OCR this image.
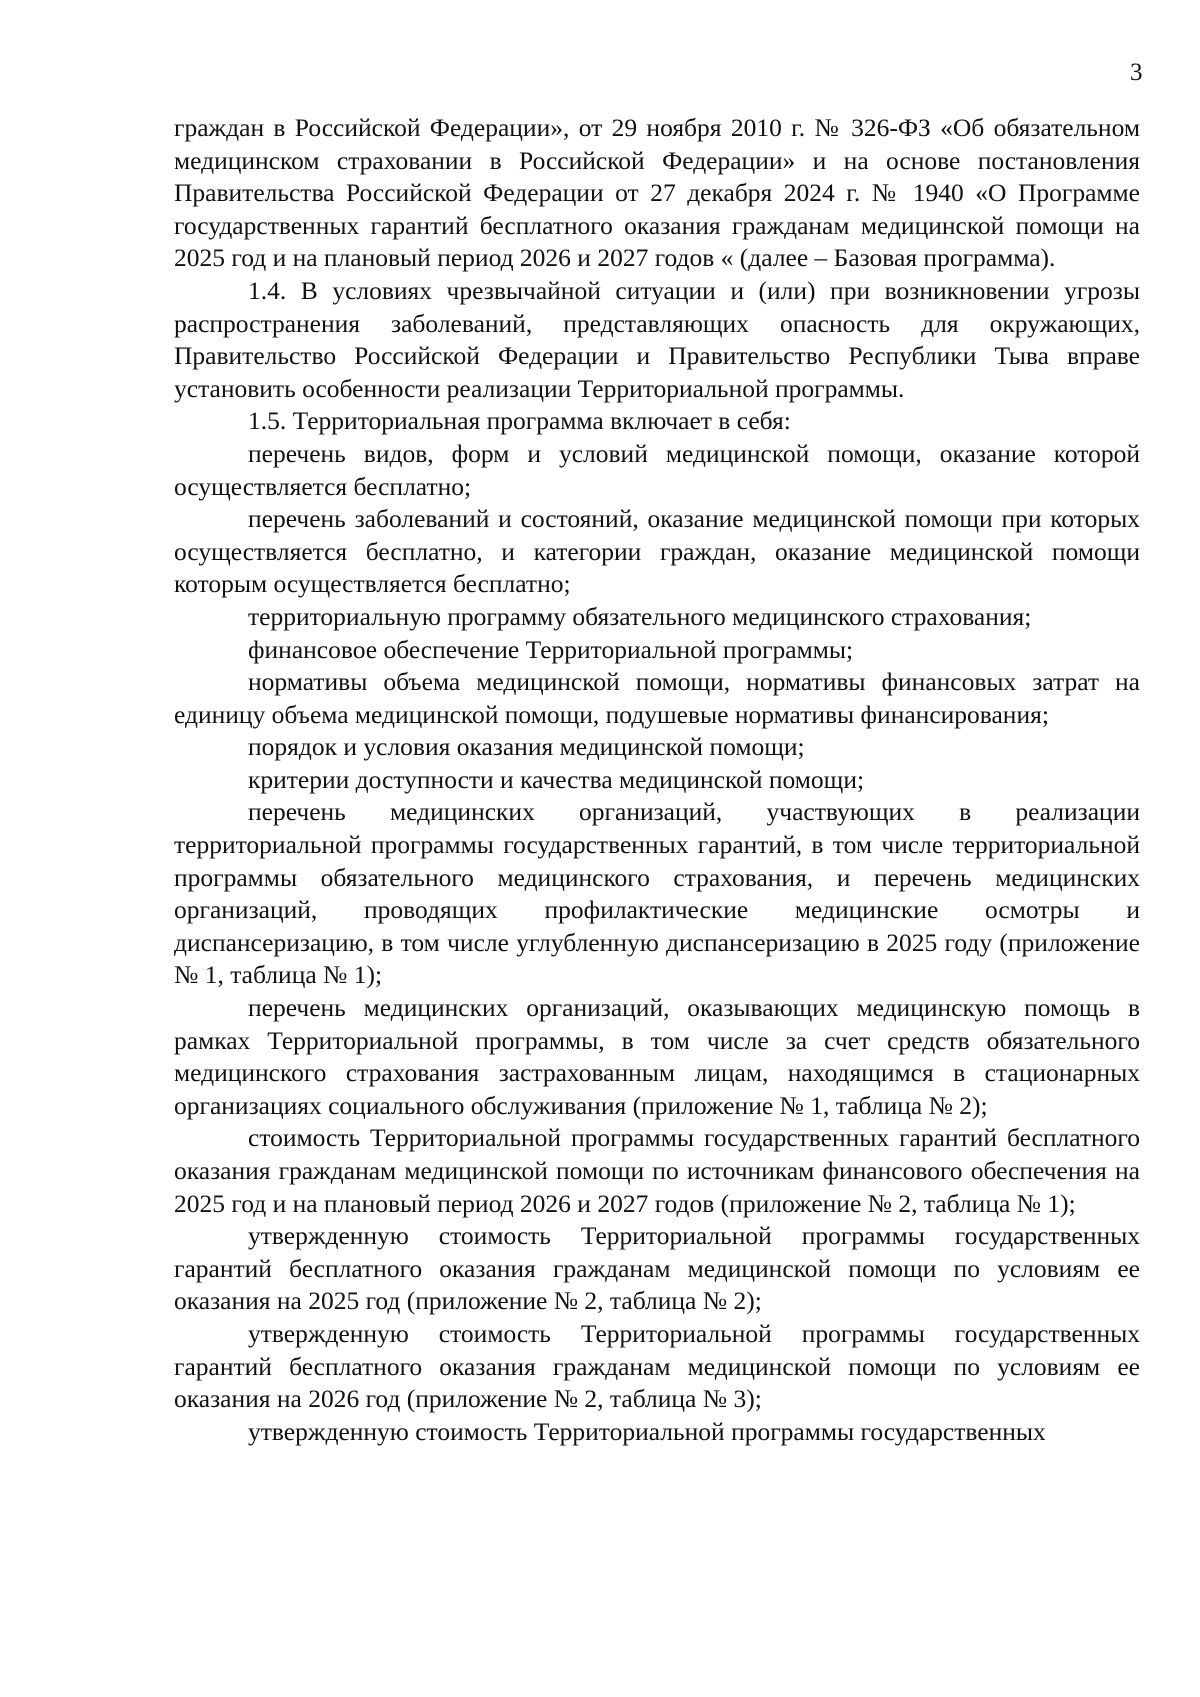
3

граждан в Российской Федерации», от 29 ноября 2010 г. № 326-ФЗ «Об обязательном медицинском страховании в Российской Федерации» и на основе постановления Правительства Российской Федерации от 27 декабря 2024 г. № 1940 «О Программе государственных гарантий бесплатного оказания гражданам медицинской помощи на 2025 год и на плановый период 2026 и 2027 годов « (далее – Базовая программа).

1.4. В условиях чрезвычайной ситуации и (или) при возникновении угрозы распространения заболеваний, представляющих опасность для окружающих, Правительство Российской Федерации и Правительство Республики Тыва вправе установить особенности реализации Территориальной программы.

1.5. Территориальная программа включает в себя:

перечень видов, форм и условий медицинской помощи, оказание которой осуществляется бесплатно;

перечень заболеваний и состояний, оказание медицинской помощи при которых осуществляется бесплатно, и категории граждан, оказание медицинской помощи которым осуществляется бесплатно;

территориальную программу обязательного медицинского страхования;

финансовое обеспечение Территориальной программы;

нормативы объема медицинской помощи, нормативы финансовых затрат на единицу объема медицинской помощи, подушевые нормативы финансирования;

порядок и условия оказания медицинской помощи;

критерии доступности и качества медицинской помощи;

перечень медицинских организаций, участвующих в реализации территориальной программы государственных гарантий, в том числе территориальной программы обязательного медицинского страхования, и перечень медицинских организаций, проводящих профилактические медицинские осмотры и диспансеризацию, в том числе углубленную диспансеризацию в 2025 году (приложение № 1, таблица № 1);

перечень медицинских организаций, оказывающих медицинскую помощь в рамках Территориальной программы, в том числе за счет средств обязательного медицинского страхования застрахованным лицам, находящимся в стационарных организациях социального обслуживания (приложение № 1, таблица № 2);

стоимость Территориальной программы государственных гарантий бесплатного оказания гражданам медицинской помощи по источникам финансового обеспечения на 2025 год и на плановый период 2026 и 2027 годов (приложение № 2, таблица № 1);

утвержденную стоимость Территориальной программы государственных гарантий бесплатного оказания гражданам медицинской помощи по условиям ее оказания на 2025 год (приложение № 2, таблица № 2);

утвержденную стоимость Территориальной программы государственных гарантий бесплатного оказания гражданам медицинской помощи по условиям ее оказания на 2026 год (приложение № 2, таблица № 3);

утвержденную стоимость Территориальной программы государственных
